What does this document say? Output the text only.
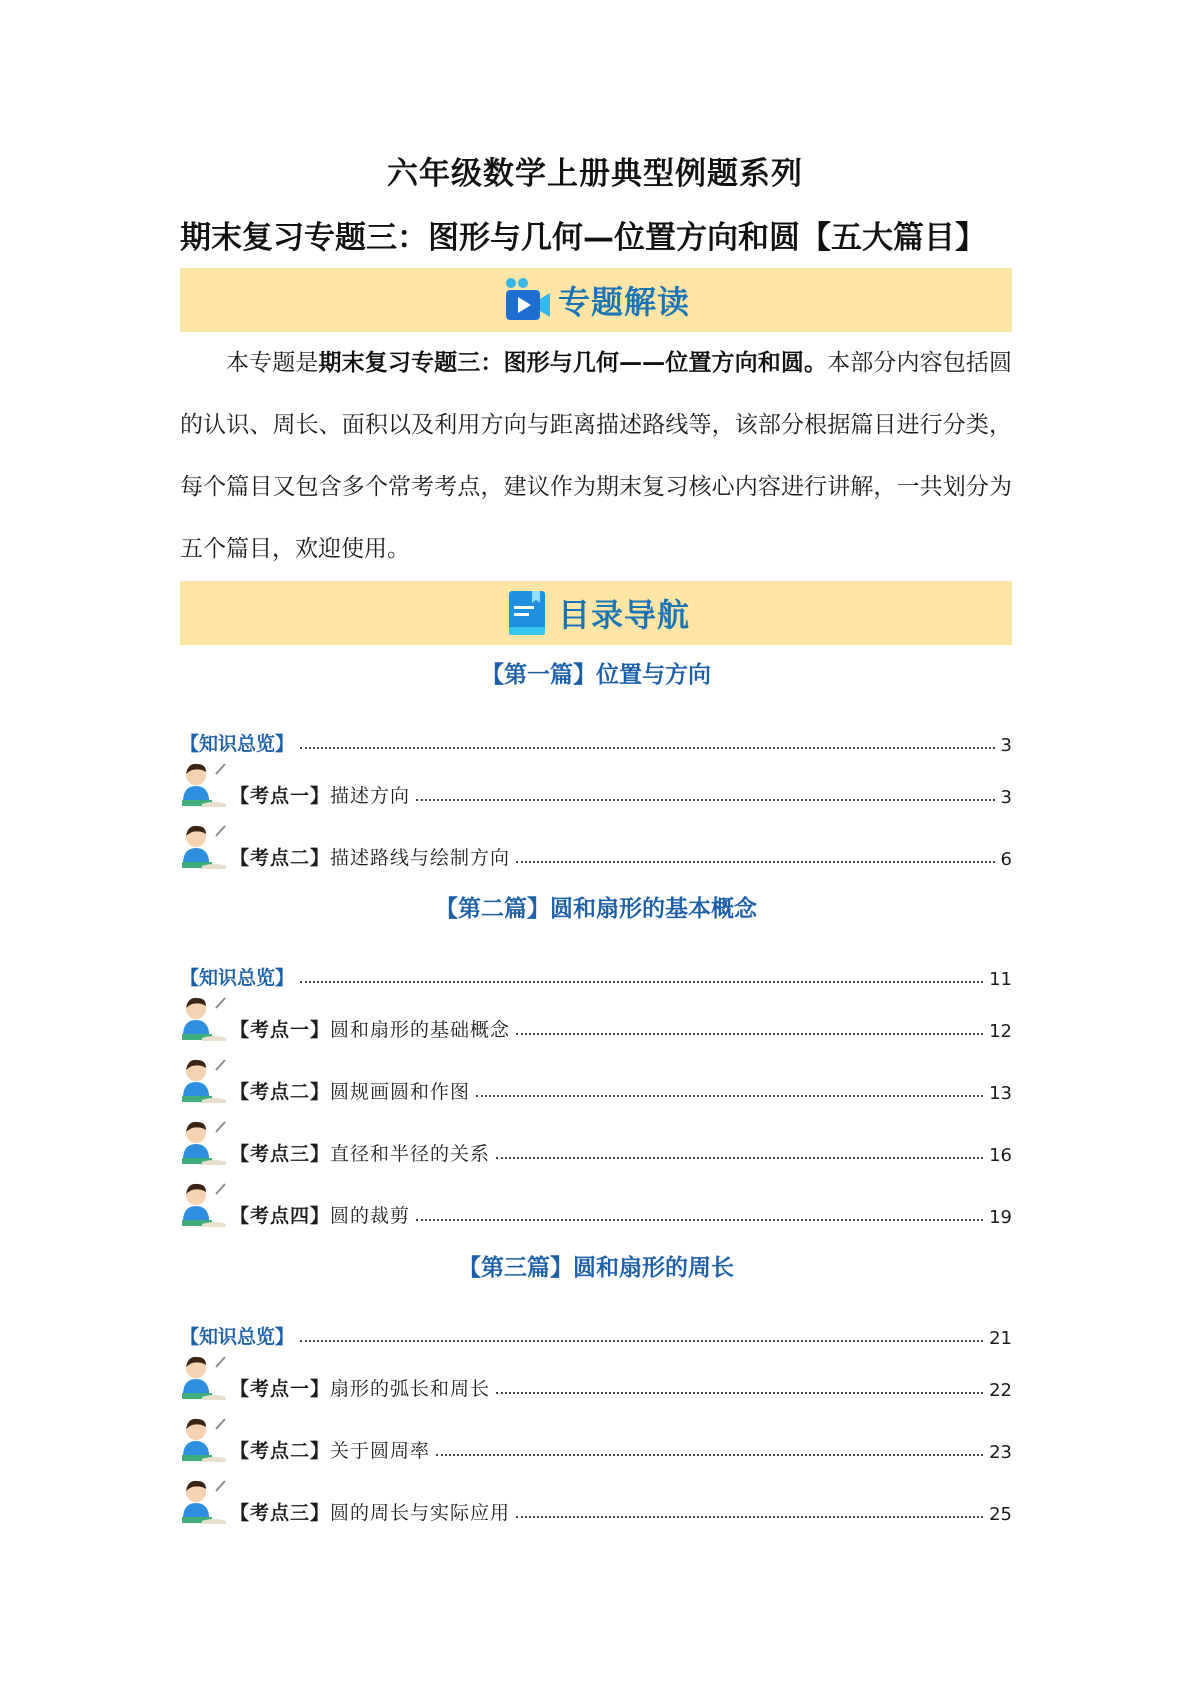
六年级数学上册典型例题系列
期末复习专题三：图形与几何—位置方向和圆【五大篇目】
专题解读

本专题是期末复习专题三：图形与几何——位置方向和圆。本部分内容包括圆的认识、周长、面积以及利用方向与距离描述路线等，该部分根据篇目进行分类，每个篇目又包含多个常考考点，建议作为期末复习核心内容进行讲解，一共划分为五个篇目，欢迎使用。

目录导航
【第一篇】位置与方向
【知识总览】	3
【考点一】描述方向	3
【考点二】描述路线与绘制方向	6
【第二篇】圆和扇形的基本概念
【知识总览】	11
【考点一】圆和扇形的基础概念	12
【考点二】圆规画圆和作图	13
【考点三】直径和半径的关系	16
【考点四】圆的裁剪	19
【第三篇】圆和扇形的周长
【知识总览】	21
【考点一】扇形的弧长和周长	22
【考点二】关于圆周率	23
【考点三】圆的周长与实际应用	25
